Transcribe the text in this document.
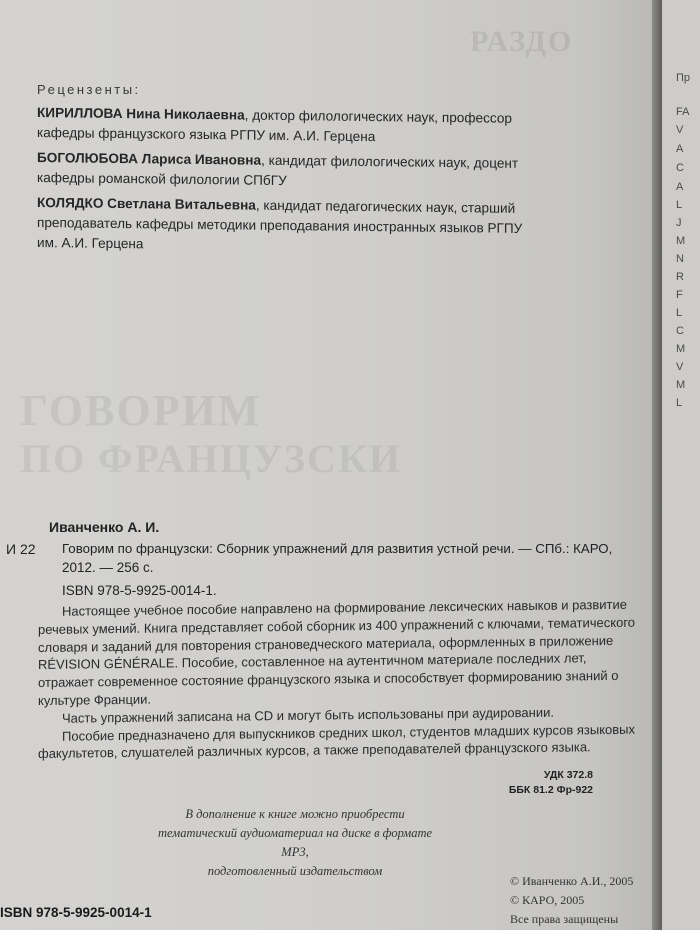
РАЗДО
ГОВОРИМ
ПО ФРАНЦУЗСКИ
Рецензенты:
КИРИЛЛОВА Нина Николаевна, доктор филологических наук, профессор
кафедры французского языка РГПУ им. А.И. Герцена
БОГОЛЮБОВА Лариса Ивановна, кандидат филологических наук, доцент
кафедры романской филологии СПбГУ
КОЛЯДКО Светлана Витальевна, кандидат педагогических наук, старший
преподаватель кафедры методики преподавания иностранных языков РГПУ
им. А.И. Герцена
Иванченко А. И.
И 22 Говорим по французски: Сборник упражнений для развития устной речи. — СПб.: КАРО,
2012. — 256 с.
ISBN 978-5-9925-0014-1.

Настоящее учебное пособие направлено на формирование лексических навыков и развитие речевых умений. Книга представляет собой сборник из 400 упражнений с ключами, тематического словаря и заданий для повторения страноведческого материала, оформленных в приложение RÉVISION GÉNÉRALE. Пособие, составленное на аутентичном материале последних лет, отражает современное состояние французского языка и способствует формированию знаний о культуре Франции.

Часть упражнений записана на CD и могут быть использованы при аудировании.

Пособие предназначено для выпускников средних школ, студентов младших курсов языковых факультетов, слушателей различных курсов, а также преподавателей французского языка.

УДК 372.8
ББК 81.2 Фр-922
В дополнение к книге можно приобрести
тематический аудиоматериал на диске в формате MP3,
подготовленный издательством
ISBN 978-5-9925-0014-1
© Иванченко А.И., 2005
© КАРО, 2005
Все права защищены
Пр
FA
V
A
C
A
L
J
M
N
R
F
L
C
M
V
M
L
